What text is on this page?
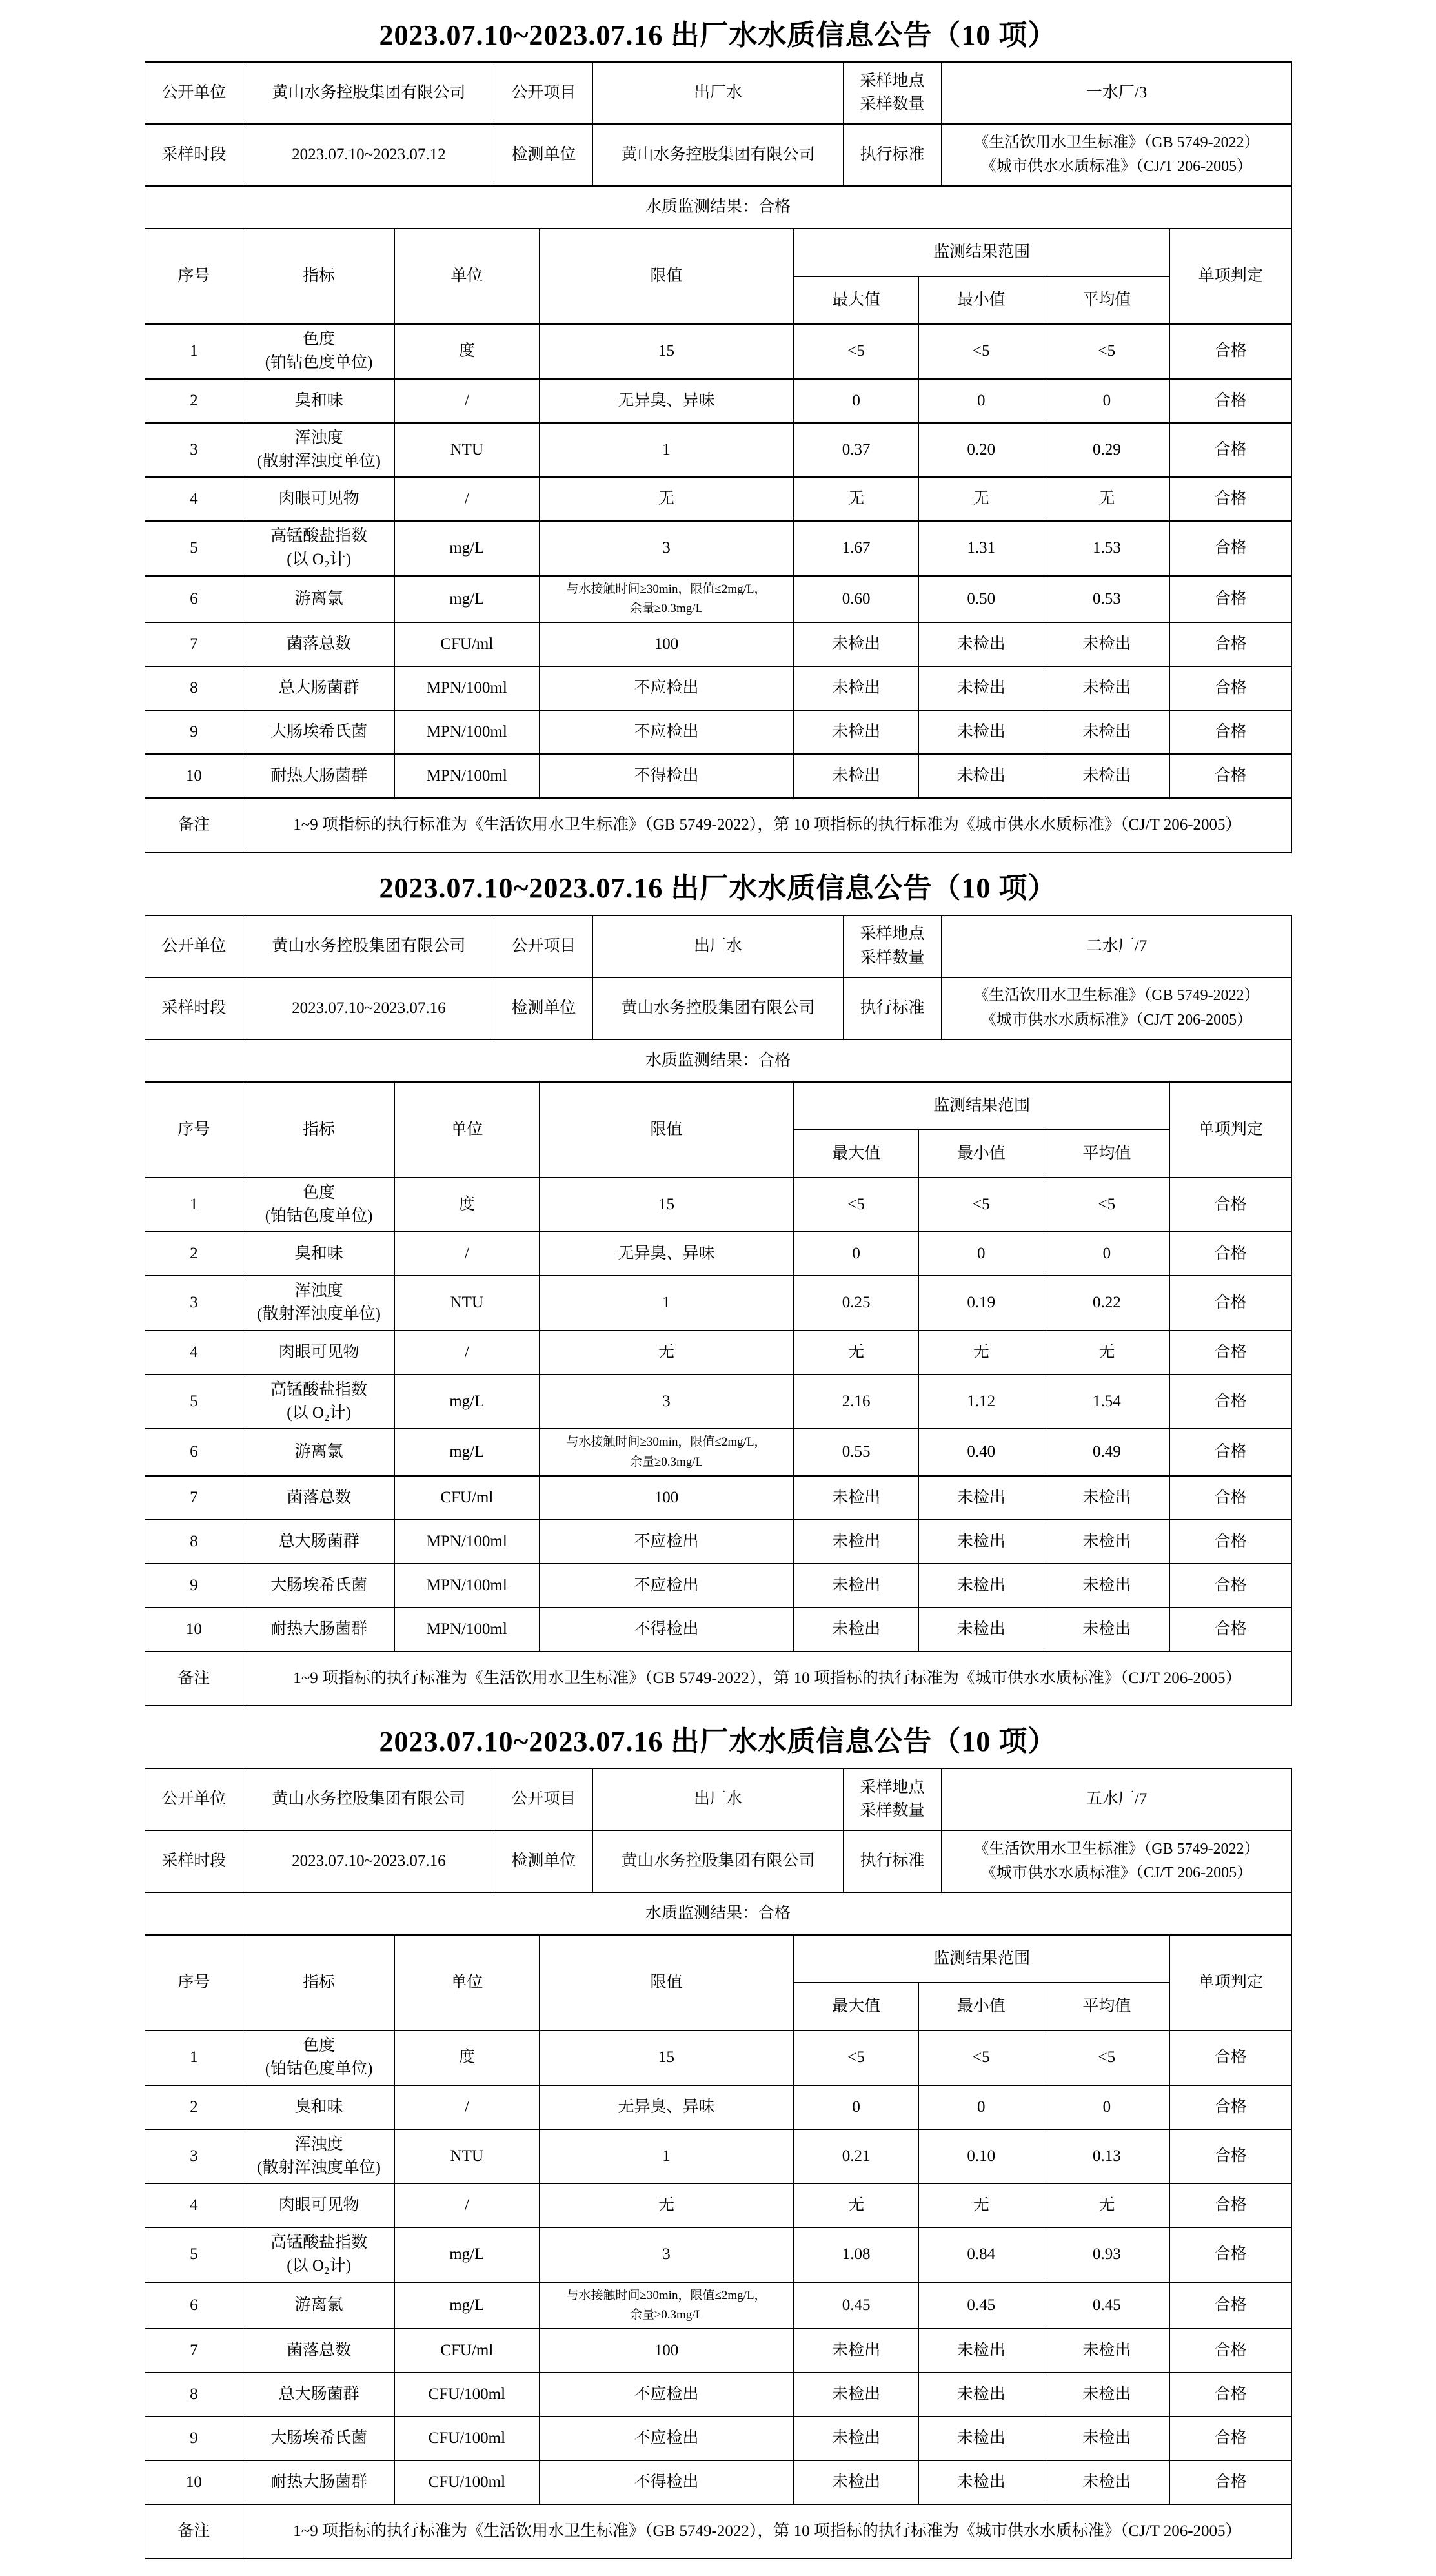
2023.07.10~2023.07.16 出厂水水质信息公告（10 项）
公开单位	黄山水务控股集团有限公司		公开项目		出厂水		采样地点
采样数量		一水厂/3		
采样时段	2023.07.10~2023.07.12		检测单位		黄山水务控股集团有限公司		执行标准		《生活饮用水卫生标准》（GB 5749-2022）
《城市供水水质标准》（CJ/T 206-2005）		

水质监测结果：合格											
序号	指标	单位		限值		监测结果范围					单项判定
						最大值		最小值		平均值	
1	色度
(铂钴色度单位)	度		15		<5		<5		<5	合格
2	臭和味	/		无异臭、异味		0		0		0	合格
3	浑浊度
(散射浑浊度单位)	NTU		1		0.37		0.20		0.29	合格
4	肉眼可见物	/		无		无		无		无	合格
5	高锰酸盐指数
(以 O₂计)	mg/L		3		1.67		1.31		1.53	合格
6	游离氯	mg/L		与水接触时间≥30min，限值≤2mg/L，
余量≥0.3mg/L		0.60		0.50		0.53	合格
7	菌落总数	CFU/ml		100		未检出		未检出		未检出	合格
8	总大肠菌群	MPN/100ml		不应检出		未检出		未检出		未检出	合格
9	大肠埃希氏菌	MPN/100ml		不应检出		未检出		未检出		未检出	合格
10	耐热大肠菌群	MPN/100ml		不得检出		未检出		未检出		未检出	合格
备注	1~9 项指标的执行标准为《生活饮用水卫生标准》（GB 5749-2022），第 10 项指标的执行标准为《城市供水水质标准》（CJ/T 206-2005）										
2023.07.10~2023.07.16 出厂水水质信息公告（10 项）
公开单位	黄山水务控股集团有限公司		公开项目		出厂水		采样地点
采样数量		二水厂/7		
采样时段	2023.07.10~2023.07.16		检测单位		黄山水务控股集团有限公司		执行标准		《生活饮用水卫生标准》（GB 5749-2022）
《城市供水水质标准》（CJ/T 206-2005）		

水质监测结果：合格											
序号	指标	单位		限值		监测结果范围					单项判定
						最大值		最小值		平均值	
1	色度
(铂钴色度单位)	度		15		<5		<5		<5	合格
2	臭和味	/		无异臭、异味		0		0		0	合格
3	浑浊度
(散射浑浊度单位)	NTU		1		0.25		0.19		0.22	合格
4	肉眼可见物	/		无		无		无		无	合格
5	高锰酸盐指数
(以 O₂计)	mg/L		3		2.16		1.12		1.54	合格
6	游离氯	mg/L		与水接触时间≥30min，限值≤2mg/L，
余量≥0.3mg/L		0.55		0.40		0.49	合格
7	菌落总数	CFU/ml		100		未检出		未检出		未检出	合格
8	总大肠菌群	MPN/100ml		不应检出		未检出		未检出		未检出	合格
9	大肠埃希氏菌	MPN/100ml		不应检出		未检出		未检出		未检出	合格
10	耐热大肠菌群	MPN/100ml		不得检出		未检出		未检出		未检出	合格
备注	1~9 项指标的执行标准为《生活饮用水卫生标准》（GB 5749-2022），第 10 项指标的执行标准为《城市供水水质标准》（CJ/T 206-2005）										
2023.07.10~2023.07.16 出厂水水质信息公告（10 项）
公开单位	黄山水务控股集团有限公司		公开项目		出厂水		采样地点
采样数量		五水厂/7		
采样时段	2023.07.10~2023.07.16		检测单位		黄山水务控股集团有限公司		执行标准		《生活饮用水卫生标准》（GB 5749-2022）
《城市供水水质标准》（CJ/T 206-2005）		

水质监测结果：合格											
序号	指标	单位		限值		监测结果范围					单项判定
						最大值		最小值		平均值	
1	色度
(铂钴色度单位)	度		15		<5		<5		<5	合格
2	臭和味	/		无异臭、异味		0		0		0	合格
3	浑浊度
(散射浑浊度单位)	NTU		1		0.21		0.10		0.13	合格
4	肉眼可见物	/		无		无		无		无	合格
5	高锰酸盐指数
(以 O₂计)	mg/L		3		1.08		0.84		0.93	合格
6	游离氯	mg/L		与水接触时间≥30min，限值≤2mg/L，
余量≥0.3mg/L		0.45		0.45		0.45	合格
7	菌落总数	CFU/ml		100		未检出		未检出		未检出	合格
8	总大肠菌群	CFU/100ml		不应检出		未检出		未检出		未检出	合格
9	大肠埃希氏菌	CFU/100ml		不应检出		未检出		未检出		未检出	合格
10	耐热大肠菌群	CFU/100ml		不得检出		未检出		未检出		未检出	合格
备注	1~9 项指标的执行标准为《生活饮用水卫生标准》（GB 5749-2022），第 10 项指标的执行标准为《城市供水水质标准》（CJ/T 206-2005）										
